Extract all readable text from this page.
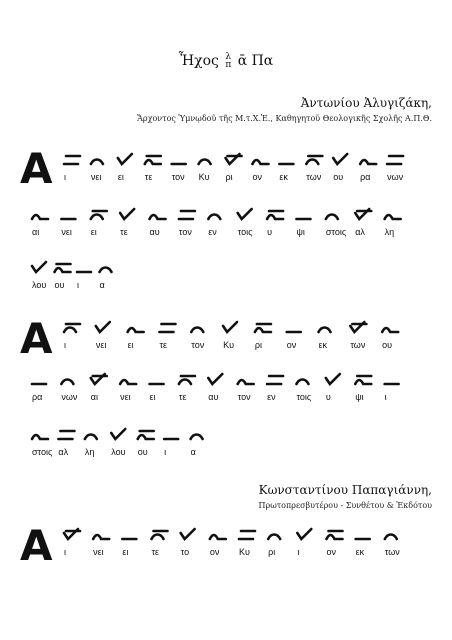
Ἦχος λ
π ᾱ Πα
Ἀντωνίου Ἀλυγιζάκη,
Ἄρχοντος Ὑμνῳδοῦ τῆς Μ.τ.Χ.Ἐ., Καθηγητοῦ Θεολογικῆς Σχολῆς Α.Π.Θ.
Κωνσταντίνου Παπαγιάννη,
Πρωτοπρεσβυτέρου - Συνθέτου & Ἐκδότου
Α
Α
Α
ι	νει ει τε τον Κυ ρι ον εκ των ου ρα νων
αι νει ει	τε αυ τον εν τοις υ	ψι στοις αλ λη
λου ου ι α
ι	νει ει	τε	τον Κυ ρι	ον εκ	των ου
ρα νων αι νει ει	τε αυ τον εν τοις υ	ψι ι
στοις αλ λη λου ου ι	α
ι	νει ει	τε το ον Κυ ρι ι	ον εκ των
